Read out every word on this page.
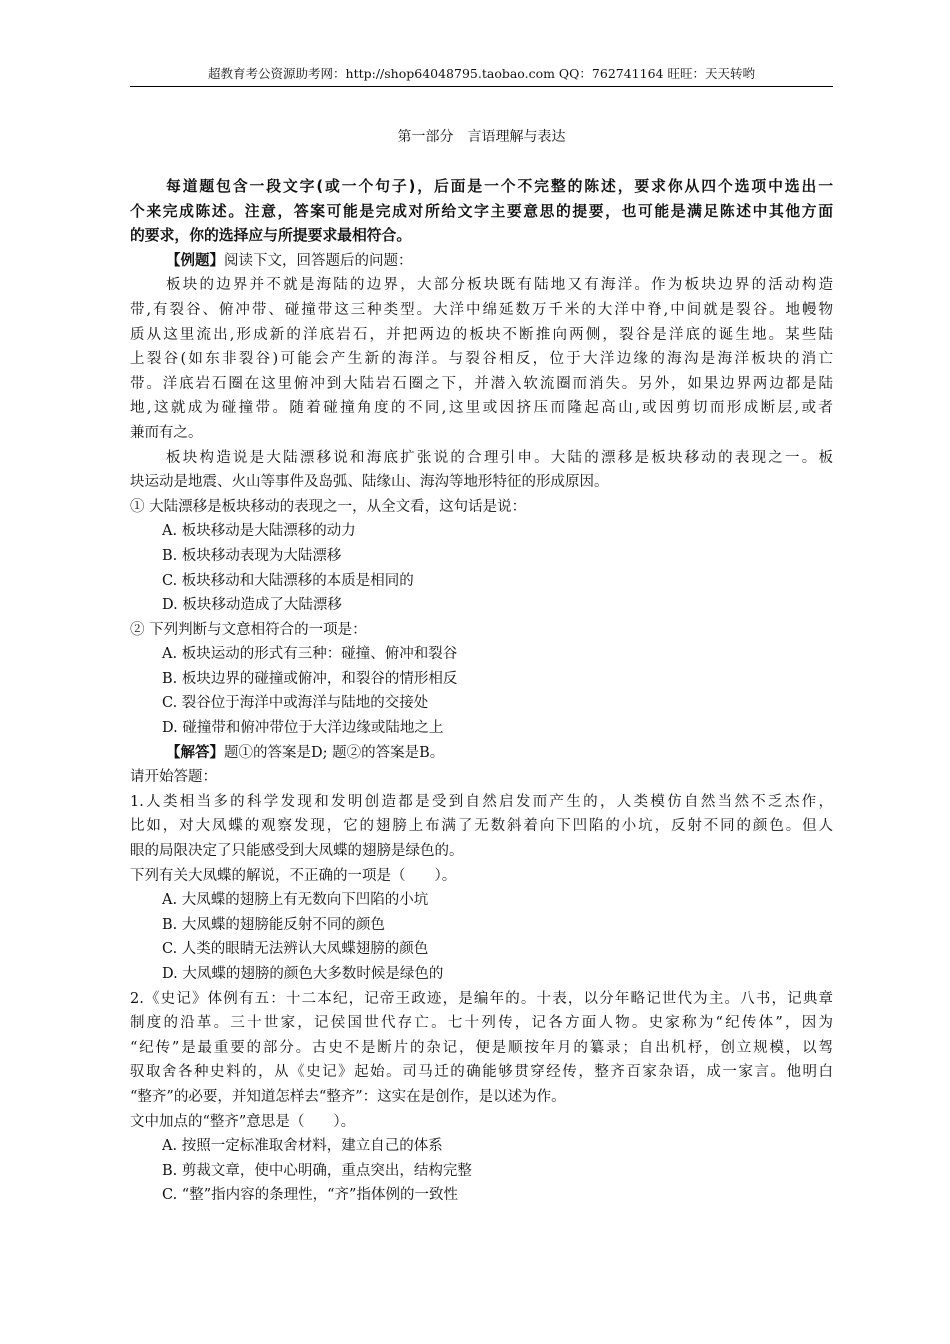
超教育考公资源助考网：http://shop64048795.taobao.com QQ：762741164 旺旺：天天转哟
第一部分　言语理解与表达
每道题包含一段文字(或一个句子)，后面是一个不完整的陈述，要求你从四个选项中选出一
个来完成陈述。注意，答案可能是完成对所给文字主要意思的提要，也可能是满足陈述中其他方面
的要求，你的选择应与所提要求最相符合。
【例题】阅读下文，回答题后的问题：
板块的边界并不就是海陆的边界，大部分板块既有陆地又有海洋。作为板块边界的活动构造
带,有裂谷、俯冲带、碰撞带这三种类型。大洋中绵延数万千米的大洋中脊,中间就是裂谷。地幔物
质从这里流出,形成新的洋底岩石，并把两边的板块不断推向两侧，裂谷是洋底的诞生地。某些陆
上裂谷(如东非裂谷)可能会产生新的海洋。与裂谷相反，位于大洋边缘的海沟是海洋板块的消亡
带。洋底岩石圈在这里俯冲到大陆岩石圈之下，并潜入软流圈而消失。另外，如果边界两边都是陆
地,这就成为碰撞带。随着碰撞角度的不同,这里或因挤压而隆起高山,或因剪切而形成断层,或者
兼而有之。
板块构造说是大陆漂移说和海底扩张说的合理引申。大陆的漂移是板块移动的表现之一。板
块运动是地震、火山等事件及岛弧、陆缘山、海沟等地形特征的形成原因。
① 大陆漂移是板块移动的表现之一，从全文看，这句话是说：
A. 板块移动是大陆漂移的动力
B. 板块移动表现为大陆漂移
C. 板块移动和大陆漂移的本质是相同的
D. 板块移动造成了大陆漂移
② 下列判断与文意相符合的一项是：
A. 板块运动的形式有三种：碰撞、俯冲和裂谷
B. 板块边界的碰撞或俯冲，和裂谷的情形相反
C. 裂谷位于海洋中或海洋与陆地的交接处
D. 碰撞带和俯冲带位于大洋边缘或陆地之上
【解答】题①的答案是D; 题②的答案是B。
请开始答题：
1.人类相当多的科学发现和发明创造都是受到自然启发而产生的，人类模仿自然当然不乏杰作，
比如，对大凤蝶的观察发现，它的翅膀上布满了无数斜着向下凹陷的小坑，反射不同的颜色。但人
眼的局限决定了只能感受到大凤蝶的翅膀是绿色的。
下列有关大凤蝶的解说，不正确的一项是（　　）。
A. 大凤蝶的翅膀上有无数向下凹陷的小坑
B. 大凤蝶的翅膀能反射不同的颜色
C. 人类的眼睛无法辨认大凤蝶翅膀的颜色
D. 大凤蝶的翅膀的颜色大多数时候是绿色的
2.《史记》体例有五：十二本纪，记帝王政迹，是编年的。十表，以分年略记世代为主。八书，记典章
制度的沿革。三十世家，记侯国世代存亡。七十列传，记各方面人物。史家称为“纪传体”，因为
“纪传”是最重要的部分。古史不是断片的杂记，便是顺按年月的纂录；自出机杼，创立规模，以驾
驭取舍各种史料的，从《史记》起始。司马迁的确能够贯穿经传，整齐百家杂语，成一家言。他明白
“整齐”的必要，并知道怎样去“整齐”：这实在是创作，是以述为作。
文中加点的“整齐”意思是（　　）。
A. 按照一定标准取舍材料，建立自己的体系
B. 剪裁文章，使中心明确，重点突出，结构完整
C. “整”指内容的条理性，“齐”指体例的一致性
